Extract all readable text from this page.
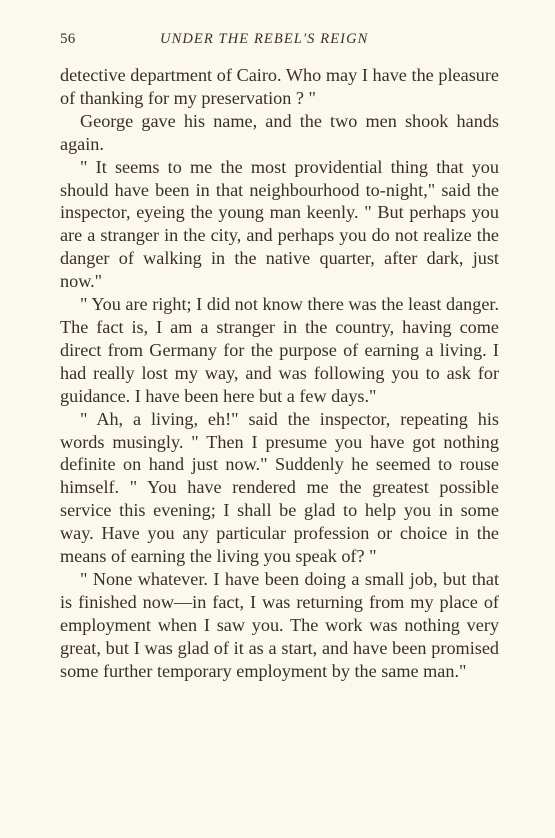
56	UNDER THE REBEL'S REIGN

detective department of Cairo. Who may I have the pleasure of thanking for my preservation ? "

George gave his name, and the two men shook hands again.

" It seems to me the most providential thing that you should have been in that neighbourhood to-night," said the inspector, eyeing the young man keenly. " But perhaps you are a stranger in the city, and perhaps you do not realize the danger of walking in the native quarter, after dark, just now."

" You are right; I did not know there was the least danger. The fact is, I am a stranger in the country, having come direct from Germany for the purpose of earning a living. I had really lost my way, and was following you to ask for guidance. I have been here but a few days."

" Ah, a living, eh!" said the inspector, repeating his words musingly. " Then I presume you have got nothing definite on hand just now." Suddenly he seemed to rouse himself. " You have rendered me the greatest possible service this evening; I shall be glad to help you in some way. Have you any particular profession or choice in the means of earning the living you speak of? "

" None whatever. I have been doing a small job, but that is finished now—in fact, I was returning from my place of employment when I saw you. The work was nothing very great, but I was glad of it as a start, and have been promised some further temporary employment by the same man."
